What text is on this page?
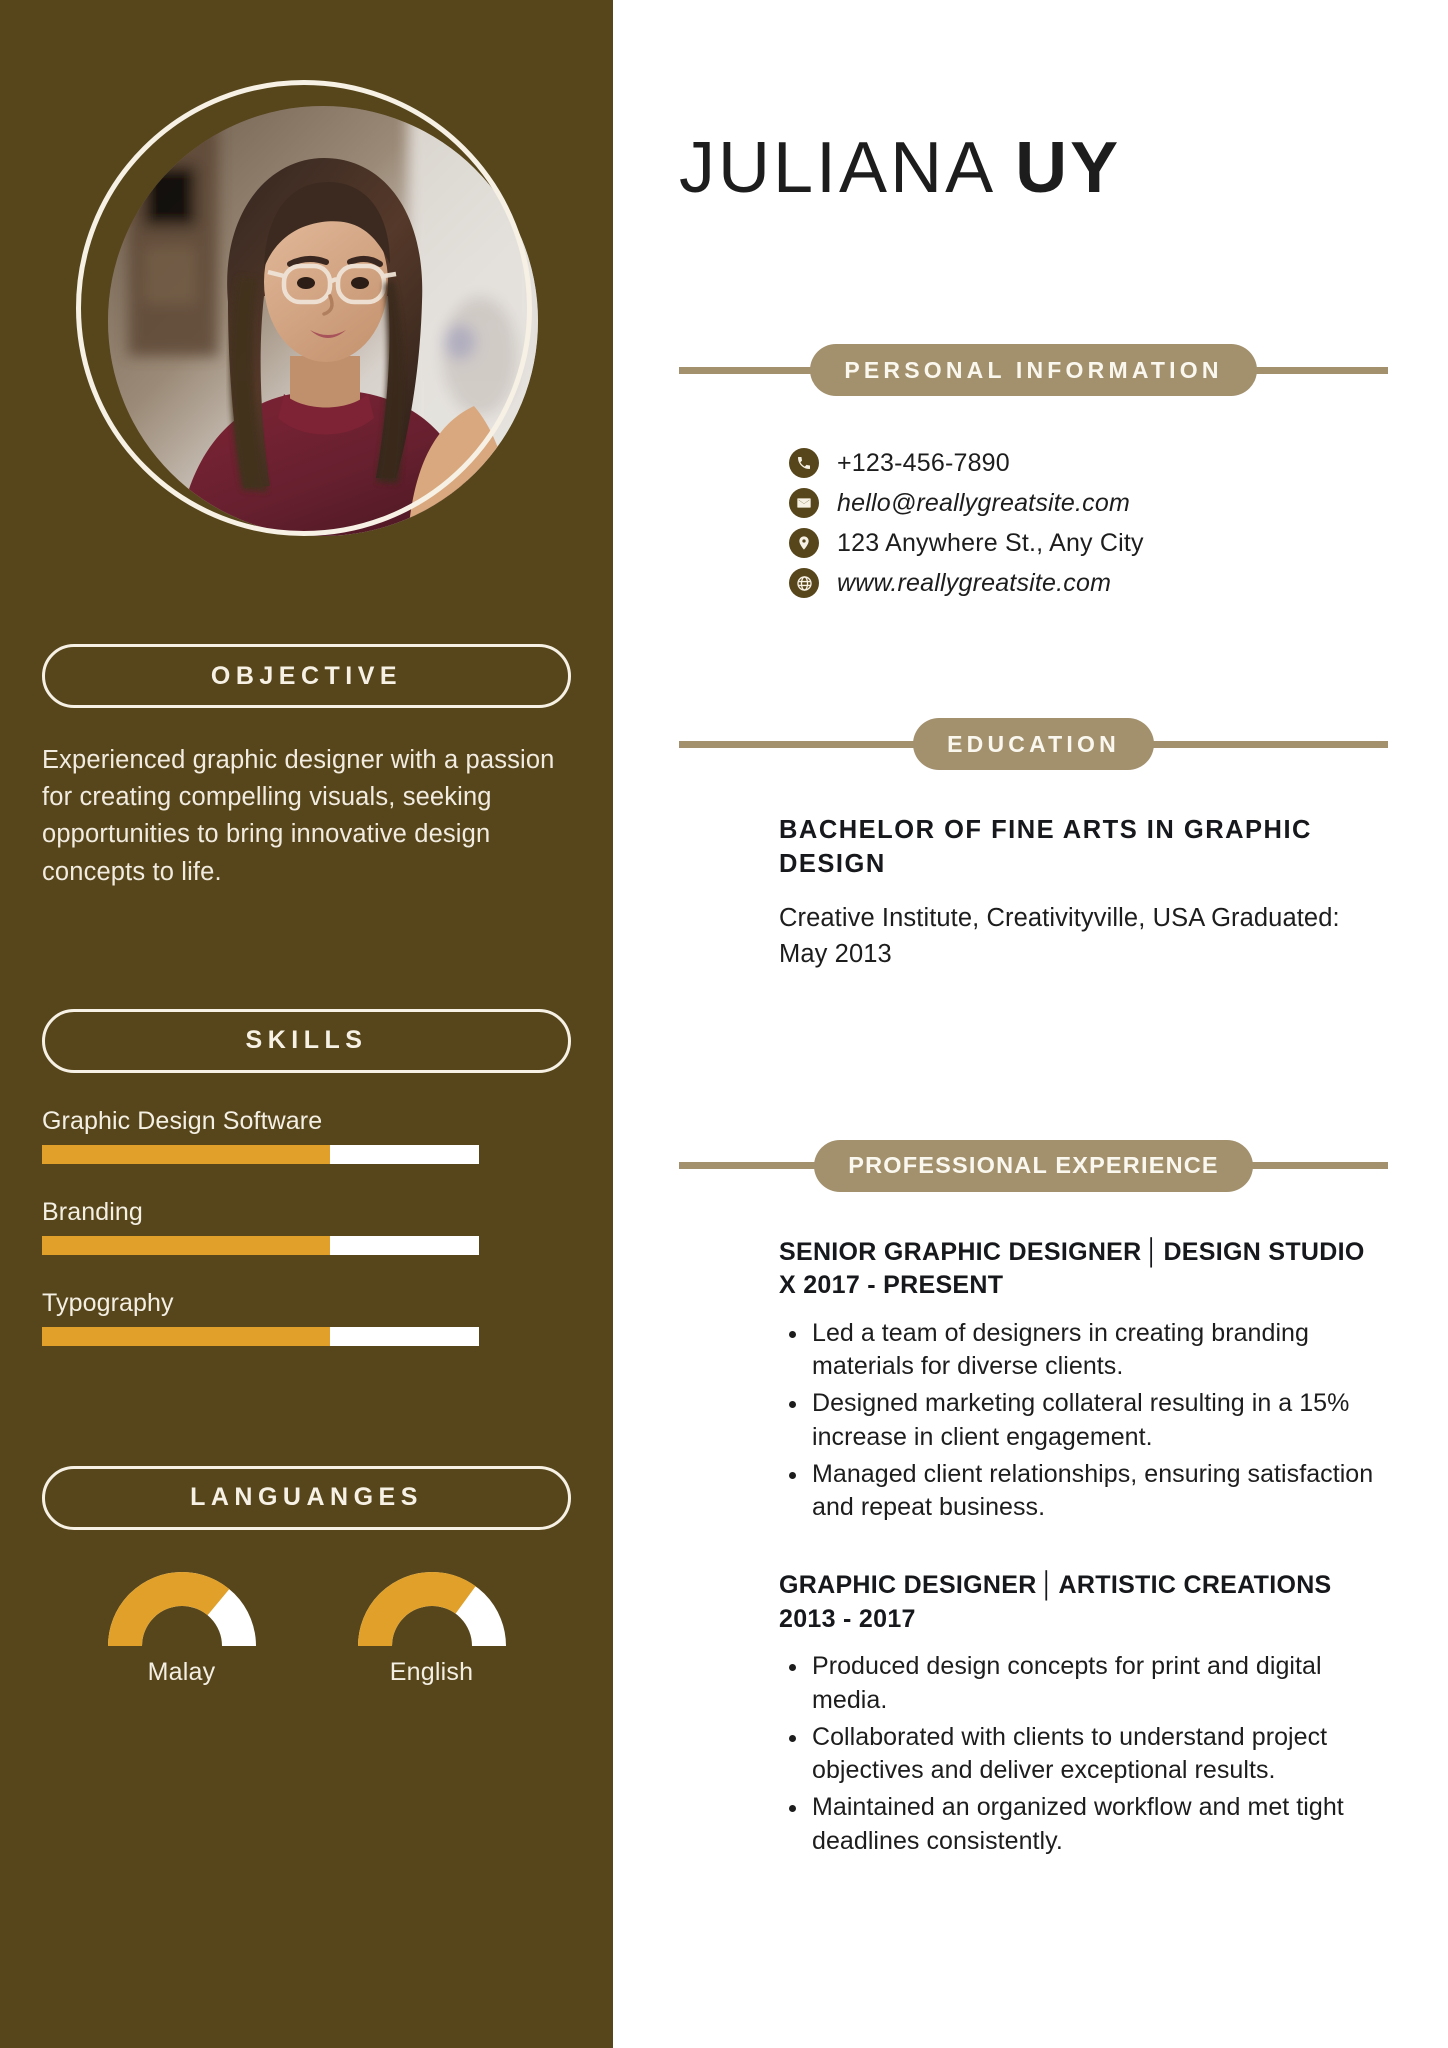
OBJECTIVE

Experienced graphic designer with a passion for creating compelling visuals, seeking opportunities to bring innovative design concepts to life.

SKILLS
Graphic Design Software
Branding
Typography
LANGUANGES
Malay	English
JULIANA UY
PERSONAL INFORMATION
+123-456-7890
hello@reallygreatsite.com
123 Anywhere St., Any City
www.reallygreatsite.com
EDUCATION
BACHELOR OF FINE ARTS IN GRAPHIC DESIGN
Creative Institute, Creativityville, USA Graduated: May 2013
PROFESSIONAL EXPERIENCE
SENIOR GRAPHIC DESIGNER │ DESIGN STUDIO X 2017 - PRESENT
Led a team of designers in creating branding materials for diverse clients.
Designed marketing collateral resulting in a 15% increase in client engagement.
Managed client relationships, ensuring satisfaction and repeat business.
GRAPHIC DESIGNER │ ARTISTIC CREATIONS 2013 - 2017
Produced design concepts for print and digital media.
Collaborated with clients to understand project objectives and deliver exceptional results.
Maintained an organized workflow and met tight deadlines consistently.
